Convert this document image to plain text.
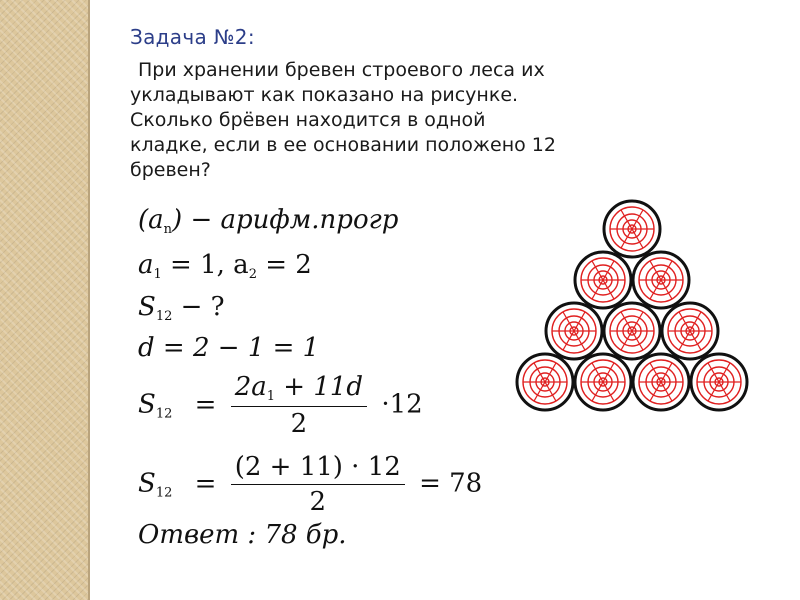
Задача №2:
При хранении бревен строевого леса их укладывают как показано на рисунке. Сколько брёвен находится в одной кладке, если в ее основании положено 12 бревен?
$(a_n)$ − арифм.прогр
$a_1 = 1$, $a_2 = 2$
$S_{12}$ − ?
d = 2 − 1 = 1
$S_{12} = \frac{2a_1 + 11d}{2} \cdot 12$
$S_{12} = \frac{(2 + 11) \cdot 12}{2} = 78$
Ответ : 78 бр.
